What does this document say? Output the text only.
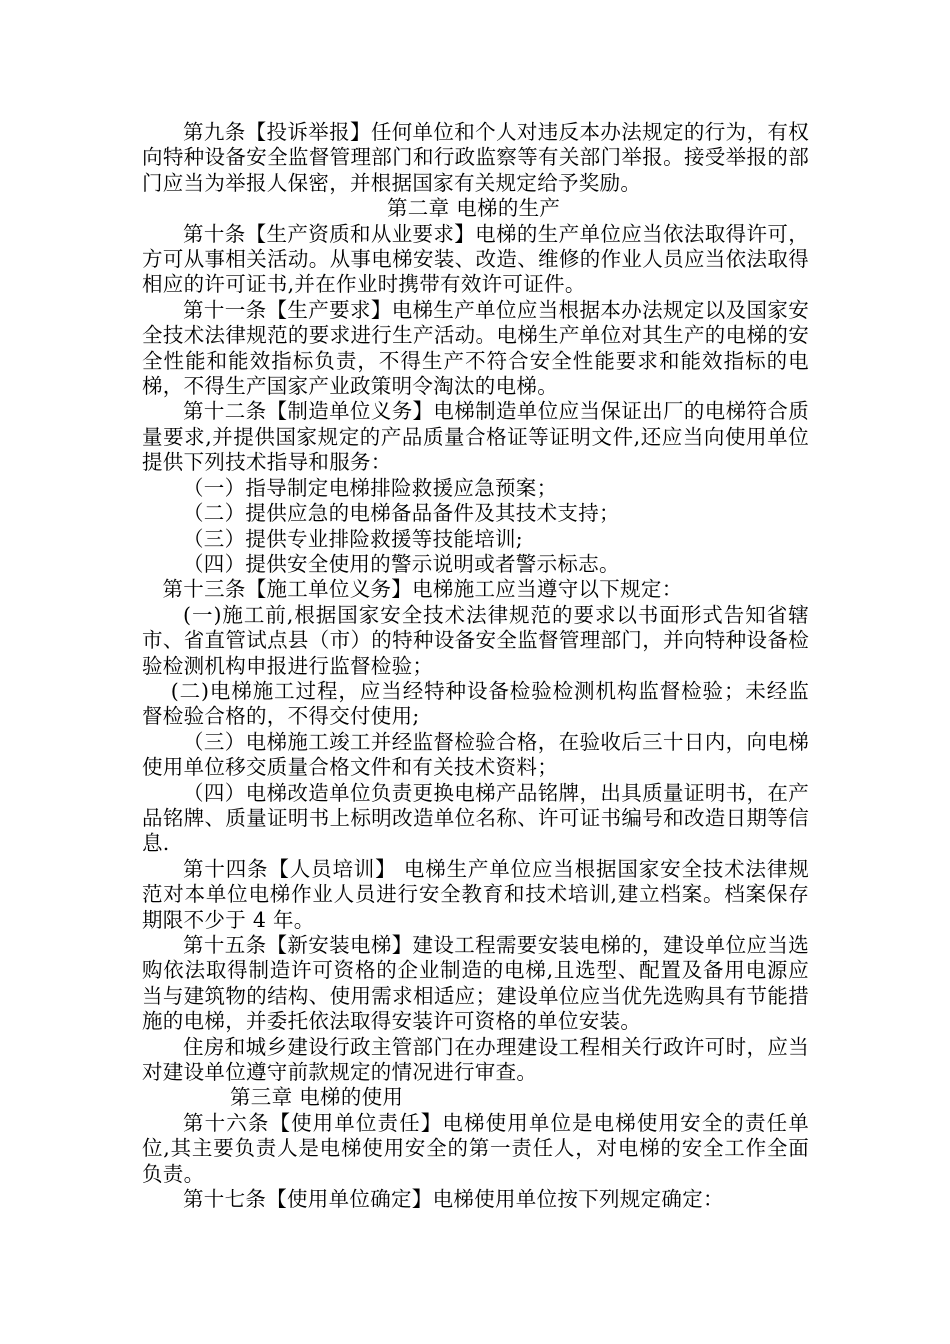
第九条【投诉举报】任何单位和个人对违反本办法规定的行为，有权向特种设备安全监督管理部门和行政监察等有关部门举报。接受举报的部门应当为举报人保密，并根据国家有关规定给予奖励。

第二章 电梯的生产

第十条【生产资质和从业要求】电梯的生产单位应当依法取得许可，方可从事相关活动。从事电梯安装、改造、维修的作业人员应当依法取得相应的许可证书,并在作业时携带有效许可证件。

第十一条【生产要求】电梯生产单位应当根据本办法规定以及国家安全技术法律规范的要求进行生产活动。电梯生产单位对其生产的电梯的安全性能和能效指标负责，不得生产不符合安全性能要求和能效指标的电梯，不得生产国家产业政策明令淘汰的电梯。

第十二条【制造单位义务】电梯制造单位应当保证出厂的电梯符合质量要求,并提供国家规定的产品质量合格证等证明文件,还应当向使用单位提供下列技术指导和服务：

（一）指导制定电梯排险救援应急预案；

（二）提供应急的电梯备品备件及其技术支持；

（三）提供专业排险救援等技能培训;

（四）提供安全使用的警示说明或者警示标志。

第十三条【施工单位义务】电梯施工应当遵守以下规定：

(一)施工前,根据国家安全技术法律规范的要求以书面形式告知省辖市、省直管试点县（市）的特种设备安全监督管理部门，并向特种设备检验检测机构申报进行监督检验；

(二)电梯施工过程，应当经特种设备检验检测机构监督检验；未经监督检验合格的，不得交付使用;

（三）电梯施工竣工并经监督检验合格，在验收后三十日内，向电梯使用单位移交质量合格文件和有关技术资料；

（四）电梯改造单位负责更换电梯产品铭牌，出具质量证明书，在产品铭牌、质量证明书上标明改造单位名称、许可证书编号和改造日期等信息.

第十四条【人员培训】 电梯生产单位应当根据国家安全技术法律规范对本单位电梯作业人员进行安全教育和技术培训,建立档案。档案保存期限不少于 4 年。

第十五条【新安装电梯】建设工程需要安装电梯的，建设单位应当选购依法取得制造许可资格的企业制造的电梯,且选型、配置及备用电源应当与建筑物的结构、使用需求相适应；建设单位应当优先选购具有节能措施的电梯，并委托依法取得安装许可资格的单位安装。

住房和城乡建设行政主管部门在办理建设工程相关行政许可时，应当对建设单位遵守前款规定的情况进行审查。

第三章 电梯的使用

第十六条【使用单位责任】电梯使用单位是电梯使用安全的责任单位,其主要负责人是电梯使用安全的第一责任人，对电梯的安全工作全面负责。

第十七条【使用单位确定】电梯使用单位按下列规定确定：
